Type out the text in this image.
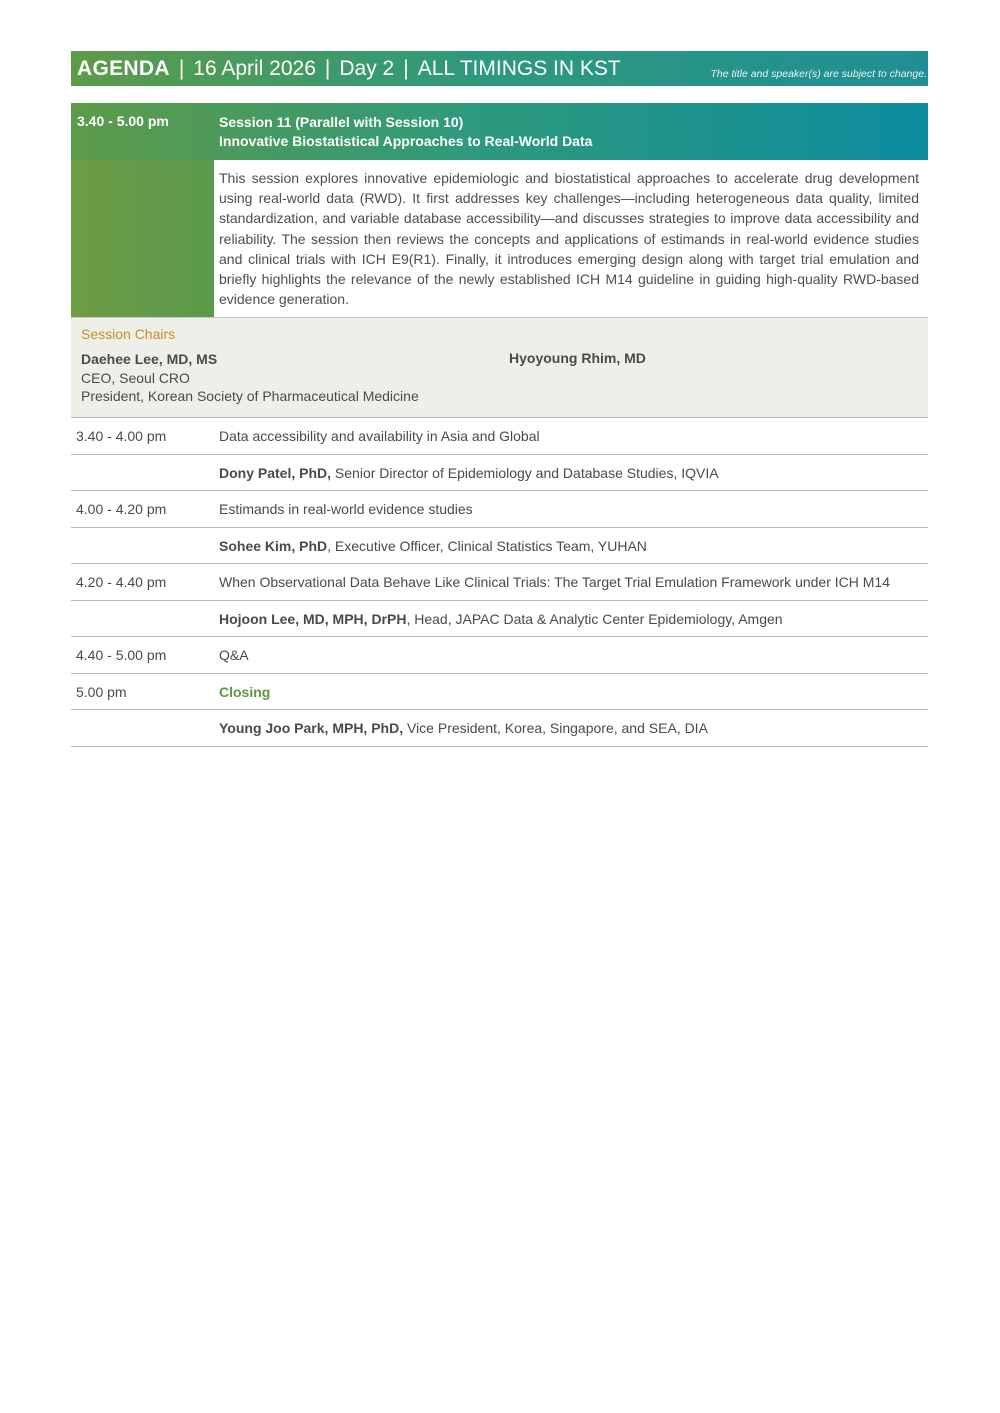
AGENDA | 16 April 2026 | Day 2 | ALL TIMINGS IN KST	The title and speaker(s) are subject to change.
3.40 - 5.00 pm	Session 11 (Parallel with Session 10)
Innovative Biostatistical Approaches to Real-World Data
This session explores innovative epidemiologic and biostatistical approaches to accelerate drug development using real-world data (RWD). It first addresses key challenges—including heterogeneous data quality, limited standardization, and variable database accessibility—and discusses strategies to improve data accessibility and reliability. The session then reviews the concepts and applications of estimands in real-world evidence studies and clinical trials with ICH E9(R1). Finally, it introduces emerging design along with target trial emulation and briefly highlights the relevance of the newly established ICH M14 guideline in guiding high-quality RWD-based evidence generation.
Session Chairs
Daehee Lee, MD, MS
CEO, Seoul CRO
President, Korean Society of Pharmaceutical Medicine
Hyoyoung Rhim, MD
3.40 - 4.00 pm	Data accessibility and availability in Asia and Global
Dony Patel, PhD, Senior Director of Epidemiology and Database Studies, IQVIA
4.00 - 4.20 pm	Estimands in real-world evidence studies
Sohee Kim, PhD, Executive Officer, Clinical Statistics Team, YUHAN
4.20 - 4.40 pm	When Observational Data Behave Like Clinical Trials: The Target Trial Emulation Framework under ICH M14
Hojoon Lee, MD, MPH, DrPH, Head, JAPAC Data & Analytic Center Epidemiology, Amgen
4.40 - 5.00 pm	Q&A
5.00 pm	Closing
Young Joo Park, MPH, PhD, Vice President, Korea, Singapore, and SEA, DIA
